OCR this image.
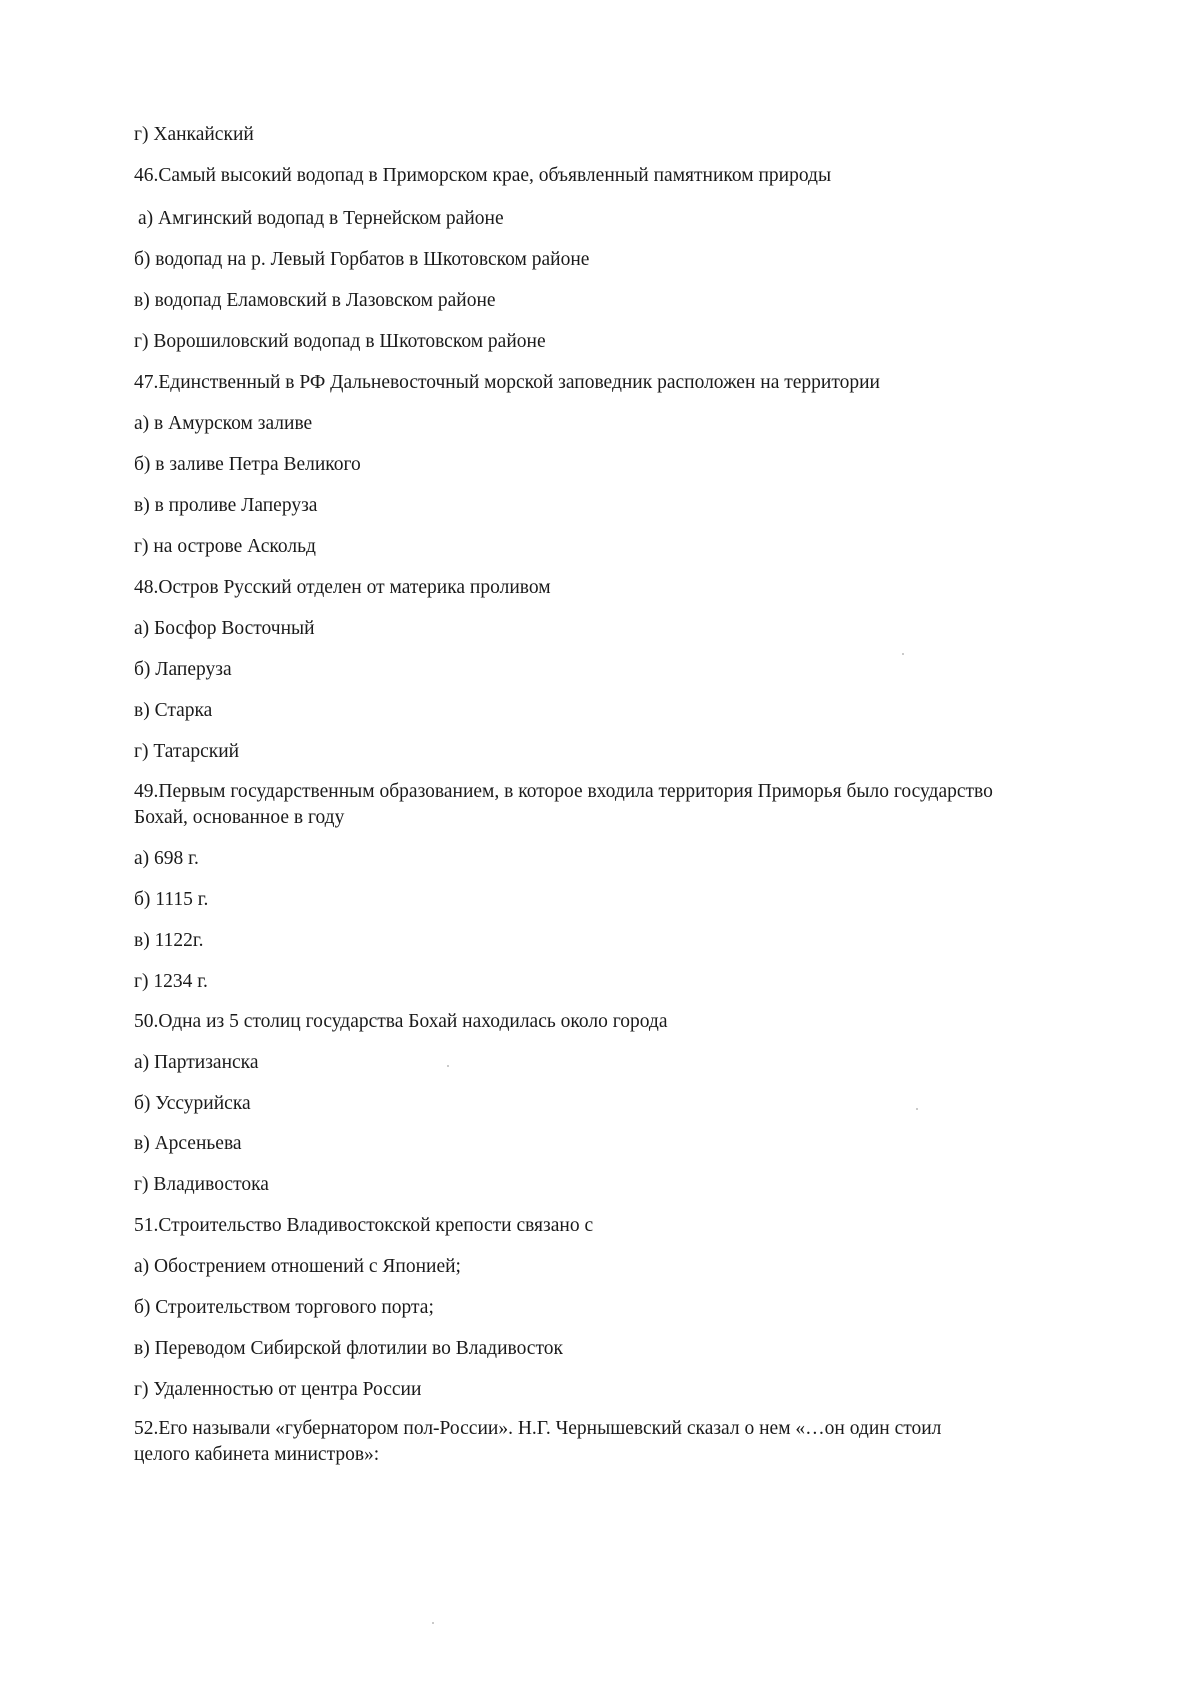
г) Ханкайский
46.Самый высокий водопад в Приморском крае, объявленный памятником природы
а) Амгинский водопад в Тернейском районе
б) водопад на р. Левый Горбатов в Шкотовском районе
в) водопад Еламовский в Лазовском районе
г) Ворошиловский водопад в Шкотовском районе
47.Единственный в РФ Дальневосточный морской заповедник расположен на территории
а) в Амурском заливе
б) в заливе Петра Великого
в) в проливе Лаперуза
г) на острове Аскольд
48.Остров Русский отделен от материка проливом
а) Босфор Восточный
б) Лаперуза
в) Старка
г) Татарский
49.Первым государственным образованием, в которое входила территория Приморья было государство
Бохай, основанное в году
а) 698 г.
б) 1115 г.
в) 1122г.
г) 1234 г.
50.Одна из 5 столиц государства Бохай находилась около города
а) Партизанска
б) Уссурийска
в) Арсеньева
г) Владивостока
51.Строительство Владивостокской крепости связано с
а) Обострением отношений с Японией;
б) Строительством торгового порта;
в) Переводом Сибирской флотилии во Владивосток
г) Удаленностью от центра России
52.Его называли «губернатором пол-России». Н.Г. Чернышевский сказал о нем «…он один стоил
целого кабинета министров»:
